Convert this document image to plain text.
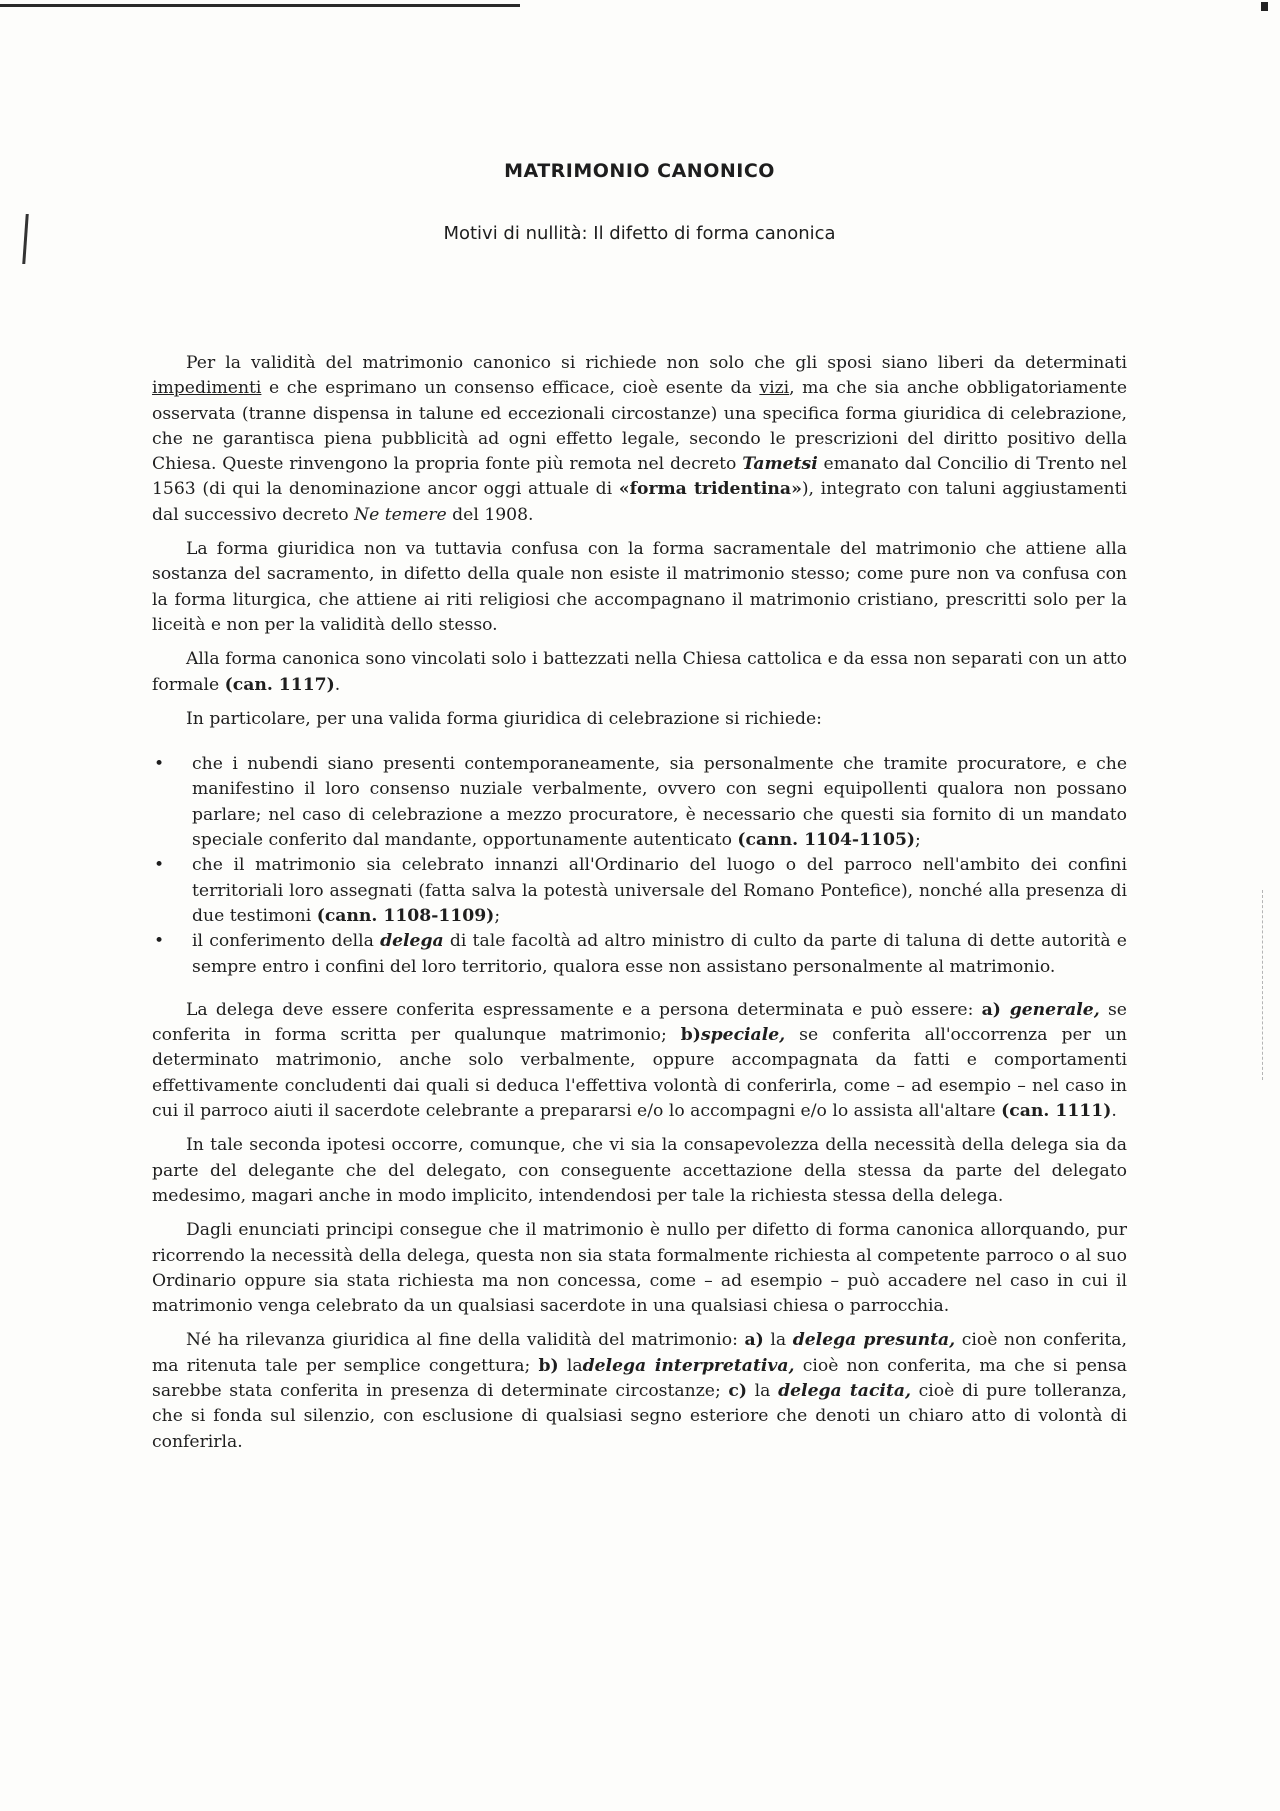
MATRIMONIO CANONICO
Motivi di nullità: Il difetto di forma canonica

Per la validità del matrimonio canonico si richiede non solo che gli sposi siano liberi da determinati impedimenti e che esprimano un consenso efficace, cioè esente da vizi, ma che sia anche obbligatoriamente osservata (tranne dispensa in talune ed eccezionali circostanze) una specifica forma giuridica di celebrazione, che ne garantisca piena pubblicità ad ogni effetto legale, secondo le prescrizioni del diritto positivo della Chiesa. Queste rinvengono la propria fonte più remota nel decreto Tametsi emanato dal Concilio di Trento nel 1563 (di qui la denominazione ancor oggi attuale di «forma tridentina»), integrato con taluni aggiustamenti dal successivo decreto Ne temere del 1908.

La forma giuridica non va tuttavia confusa con la forma sacramentale del matrimonio che attiene alla sostanza del sacramento, in difetto della quale non esiste il matrimonio stesso; come pure non va confusa con la forma liturgica, che attiene ai riti religiosi che accompagnano il matrimonio cristiano, prescritti solo per la liceità e non per la validità dello stesso.

Alla forma canonica sono vincolati solo i battezzati nella Chiesa cattolica e da essa non separati con un atto formale (can. 1117).

In particolare, per una valida forma giuridica di celebrazione si richiede:

• che i nubendi siano presenti contemporaneamente, sia personalmente che tramite procuratore, e che manifestino il loro consenso nuziale verbalmente, ovvero con segni equipollenti qualora non possano parlare; nel caso di celebrazione a mezzo procuratore, è necessario che questi sia fornito di un mandato speciale conferito dal mandante, opportunamente autenticato (cann. 1104-1105);
• che il matrimonio sia celebrato innanzi all'Ordinario del luogo o del parroco nell'ambito dei confini territoriali loro assegnati (fatta salva la potestà universale del Romano Pontefice), nonché alla presenza di due testimoni (cann. 1108-1109);
• il conferimento della delega di tale facoltà ad altro ministro di culto da parte di taluna di dette autorità e sempre entro i confini del loro territorio, qualora esse non assistano personalmente al matrimonio.

La delega deve essere conferita espressamente e a persona determinata e può essere: a) generale, se conferita in forma scritta per qualunque matrimonio; b)speciale, se conferita all'occorrenza per un determinato matrimonio, anche solo verbalmente, oppure accompagnata da fatti e comportamenti effettivamente concludenti dai quali si deduca l'effettiva volontà di conferirla, come – ad esempio – nel caso in cui il parroco aiuti il sacerdote celebrante a prepararsi e/o lo accompagni e/o lo assista all'altare (can. 1111).

In tale seconda ipotesi occorre, comunque, che vi sia la consapevolezza della necessità della delega sia da parte del delegante che del delegato, con conseguente accettazione della stessa da parte del delegato medesimo, magari anche in modo implicito, intendendosi per tale la richiesta stessa della delega.

Dagli enunciati principi consegue che il matrimonio è nullo per difetto di forma canonica allorquando, pur ricorrendo la necessità della delega, questa non sia stata formalmente richiesta al competente parroco o al suo Ordinario oppure sia stata richiesta ma non concessa, come – ad esempio – può accadere nel caso in cui il matrimonio venga celebrato da un qualsiasi sacerdote in una qualsiasi chiesa o parrocchia.

Né ha rilevanza giuridica al fine della validità del matrimonio: a) la delega presunta, cioè non conferita, ma ritenuta tale per semplice congettura; b) ladelega interpretativa, cioè non conferita, ma che si pensa sarebbe stata conferita in presenza di determinate circostanze; c) la delega tacita, cioè di pure tolleranza, che si fonda sul silenzio, con esclusione di qualsiasi segno esteriore che denoti un chiaro atto di volontà di conferirla.
